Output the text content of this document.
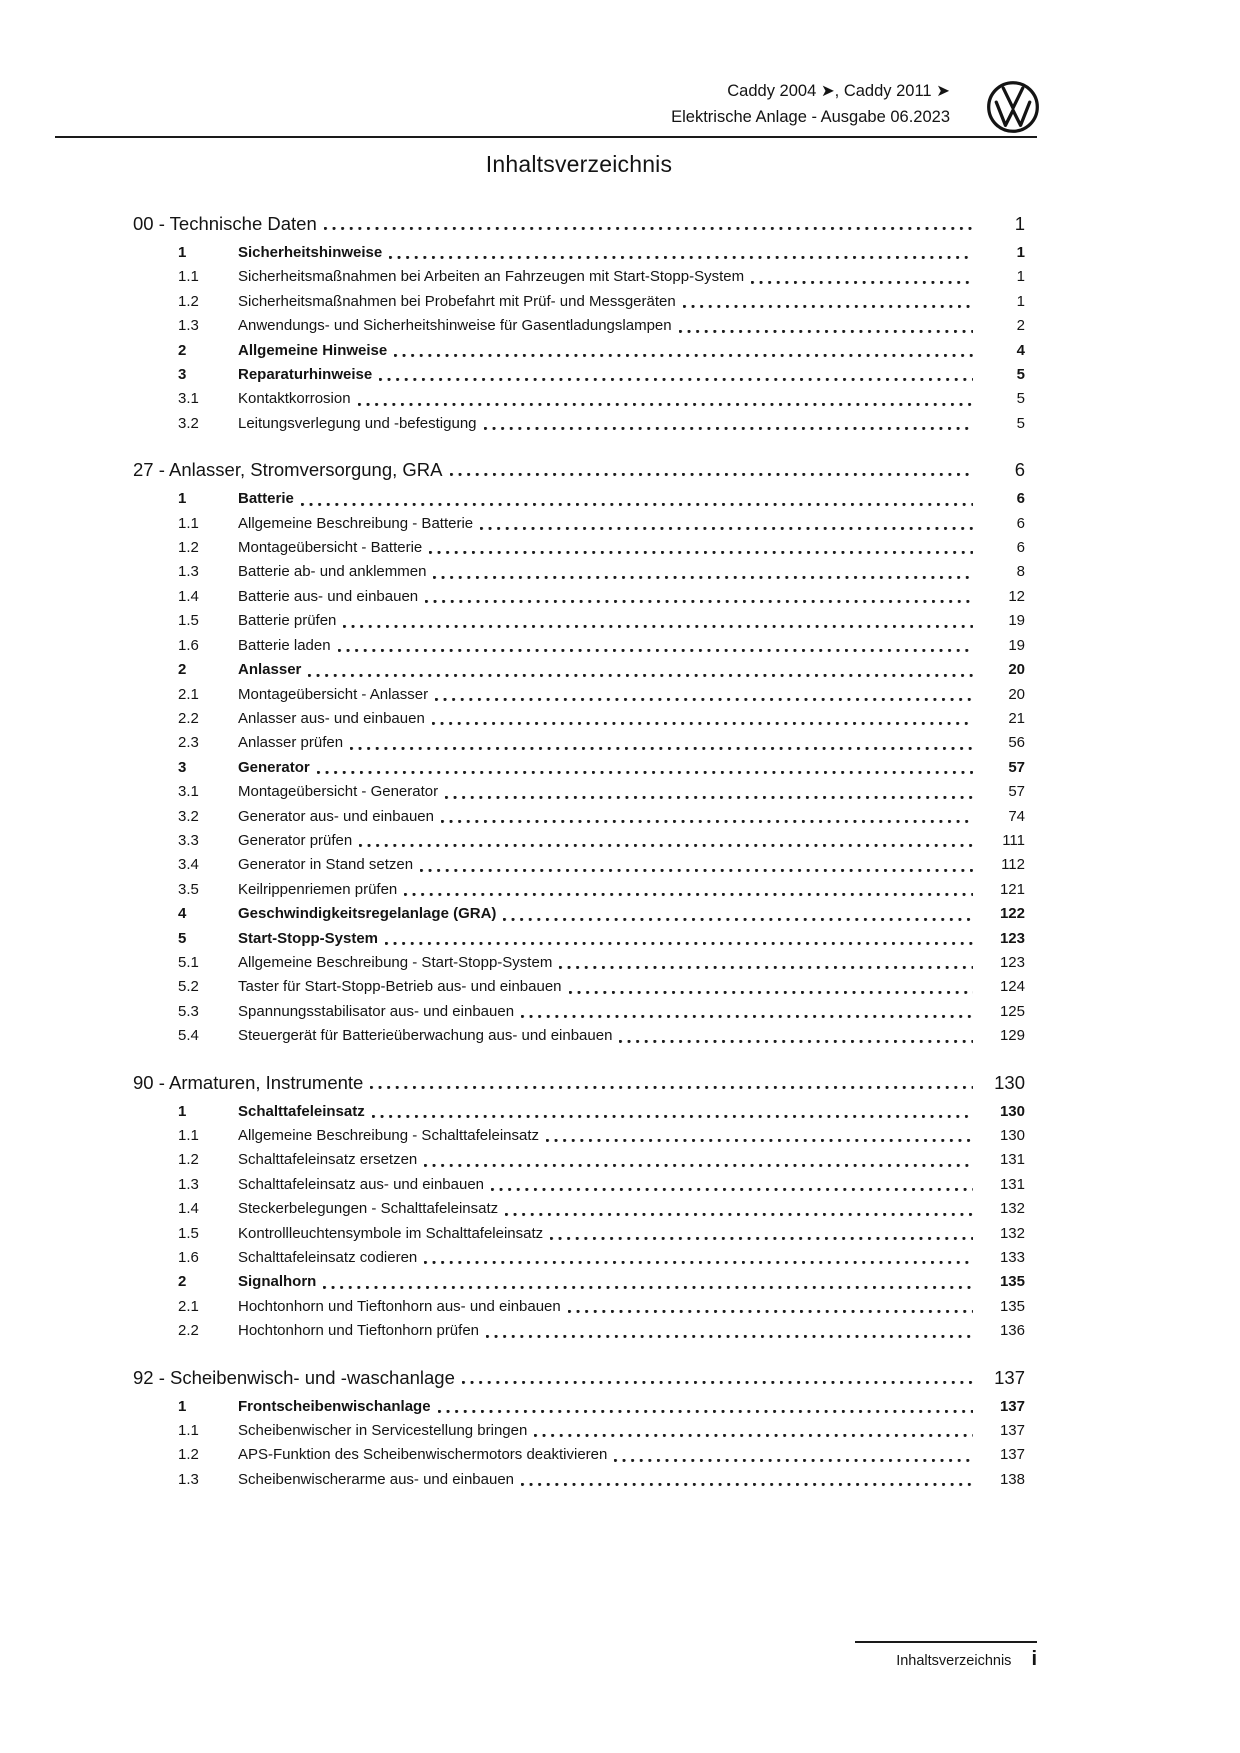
Caddy 2004 ➤, Caddy 2011 ➤
Elektrische Anlage - Ausgabe 06.2023
Inhaltsverzeichnis
00 - Technische Daten	1
1	Sicherheitshinweise	1
1.1	Sicherheitsmaßnahmen bei Arbeiten an Fahrzeugen mit Start-Stopp-System	1
1.2	Sicherheitsmaßnahmen bei Probefahrt mit Prüf- und Messgeräten	1
1.3	Anwendungs- und Sicherheitshinweise für Gasentladungslampen	2
2	Allgemeine Hinweise	4
3	Reparaturhinweise	5
3.1	Kontaktkorrosion	5
3.2	Leitungsverlegung und -befestigung	5
27 - Anlasser, Stromversorgung, GRA	6
1	Batterie	6
1.1	Allgemeine Beschreibung - Batterie	6
1.2	Montageübersicht - Batterie	6
1.3	Batterie ab- und anklemmen	8
1.4	Batterie aus- und einbauen	12
1.5	Batterie prüfen	19
1.6	Batterie laden	19
2	Anlasser	20
2.1	Montageübersicht - Anlasser	20
2.2	Anlasser aus- und einbauen	21
2.3	Anlasser prüfen	56
3	Generator	57
3.1	Montageübersicht - Generator	57
3.2	Generator aus- und einbauen	74
3.3	Generator prüfen	111
3.4	Generator in Stand setzen	112
3.5	Keilrippenriemen prüfen	121
4	Geschwindigkeitsregelanlage (GRA)	122
5	Start-Stopp-System	123
5.1	Allgemeine Beschreibung - Start-Stopp-System	123
5.2	Taster für Start-Stopp-Betrieb aus- und einbauen	124
5.3	Spannungsstabilisator aus- und einbauen	125
5.4	Steuergerät für Batterieüberwachung aus- und einbauen	129
90 - Armaturen, Instrumente	130
1	Schalttafeleinsatz	130
1.1	Allgemeine Beschreibung - Schalttafeleinsatz	130
1.2	Schalttafeleinsatz ersetzen	131
1.3	Schalttafeleinsatz aus- und einbauen	131
1.4	Steckerbelegungen - Schalttafeleinsatz	132
1.5	Kontrollleuchtensymbole im Schalttafeleinsatz	132
1.6	Schalttafeleinsatz codieren	133
2	Signalhorn	135
2.1	Hochtonhorn und Tieftonhorn aus- und einbauen	135
2.2	Hochtonhorn und Tieftonhorn prüfen	136
92 - Scheibenwisch- und -waschanlage	137
1	Frontscheibenwischanlage	137
1.1	Scheibenwischer in Servicestellung bringen	137
1.2	APS-Funktion des Scheibenwischermotors deaktivieren	137
1.3	Scheibenwischerarme aus- und einbauen	138
Inhaltsverzeichnis i
